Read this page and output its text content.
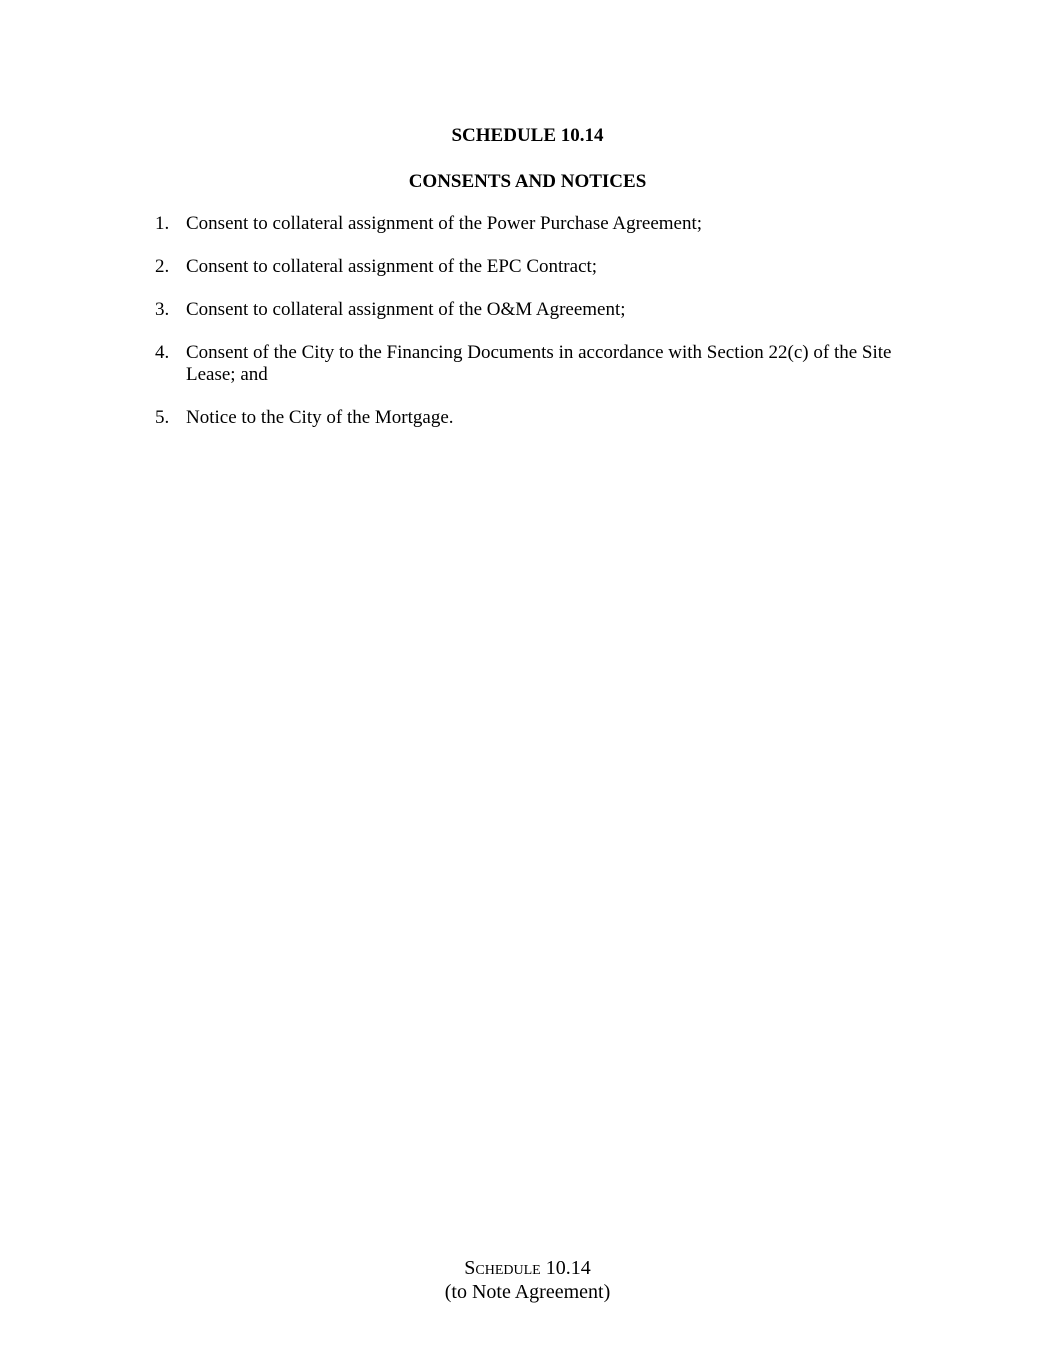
SCHEDULE 10.14
CONSENTS AND NOTICES
1. Consent to collateral assignment of the Power Purchase Agreement;
2. Consent to collateral assignment of the EPC Contract;
3. Consent to collateral assignment of the O&M Agreement;
4. Consent of the City to the Financing Documents in accordance with Section 22(c) of the Site Lease; and
5. Notice to the City of the Mortgage.
Schedule 10.14
(to Note Agreement)
